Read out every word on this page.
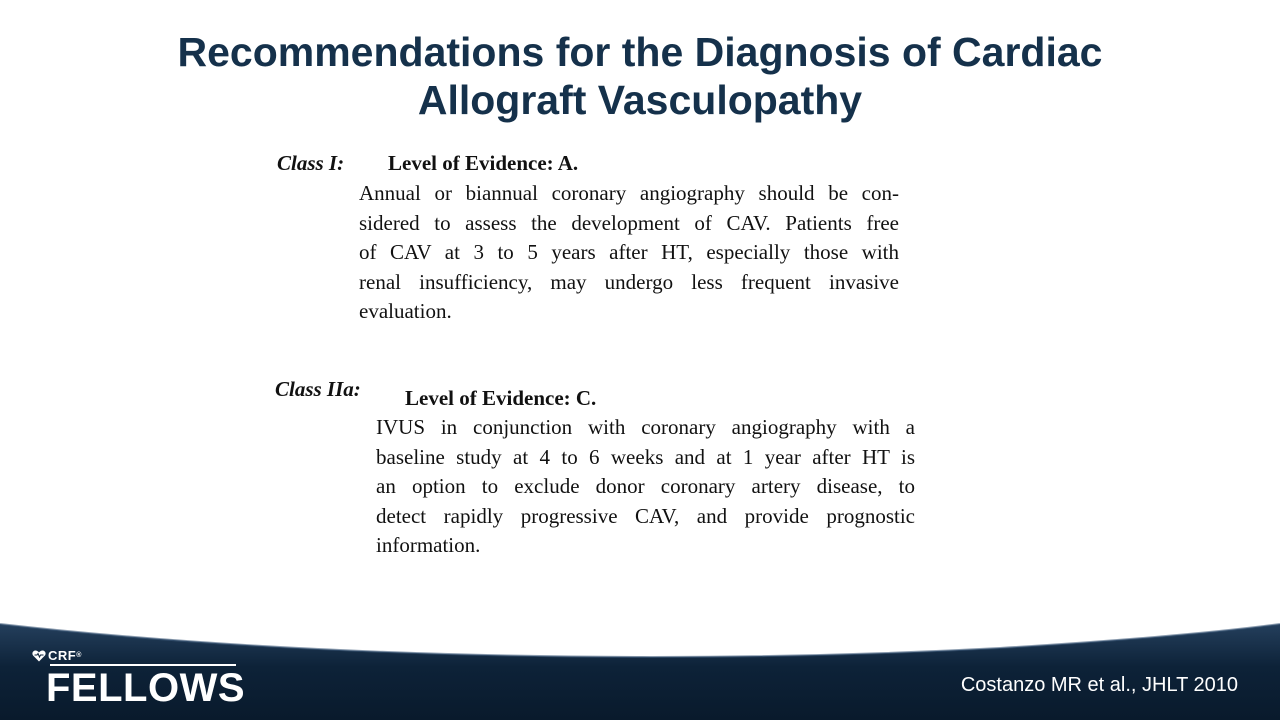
Recommendations for the Diagnosis of Cardiac
Allograft Vasculopathy
Class I: Level of Evidence: A.
Annual or biannual coronary angiography should be con-
sidered to assess the development of CAV. Patients free
of CAV at 3 to 5 years after HT, especially those with
renal insufficiency, may undergo less frequent invasive
evaluation.
Class IIa: Level of Evidence: C.
IVUS in conjunction with coronary angiography with a
baseline study at 4 to 6 weeks and at 1 year after HT is
an option to exclude donor coronary artery disease, to
detect rapidly progressive CAV, and provide prognostic
information.
CRF ®
FELLOWS	Costanzo MR et al., JHLT 2010
